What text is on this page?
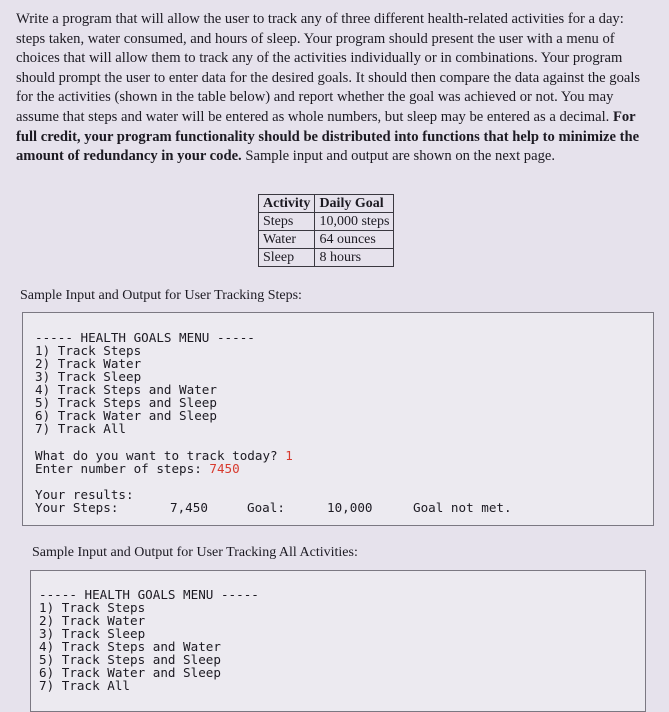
Write a program that will allow the user to track any of three different health-related activities for a day: steps taken, water consumed, and hours of sleep. Your program should present the user with a menu of choices that will allow them to track any of the activities individually or in combinations. Your program should prompt the user to enter data for the desired goals. It should then compare the data against the goals for the activities (shown in the table below) and report whether the goal was achieved or not. You may assume that steps and water will be entered as whole numbers, but sleep may be entered as a decimal. For full credit, your program functionality should be distributed into functions that help to minimize the amount of redundancy in your code. Sample input and output are shown on the next page.

Activity	Daily Goal
Steps	10,000 steps
Water	64 ounces
Sleep	8 hours

Sample Input and Output for User Tracking Steps:

----- HEALTH GOALS MENU -----
1) Track Steps
2) Track Water
3) Track Sleep
4) Track Steps and Water
5) Track Steps and Sleep
6) Track Water and Sleep
7) Track All
What do you want to track today? 1
Enter number of steps: 7450
Your results:
Your Steps:	7,450	Goal:	10,000	Goal not met.

Sample Input and Output for User Tracking All Activities:

----- HEALTH GOALS MENU -----
1) Track Steps
2) Track Water
3) Track Sleep
4) Track Steps and Water
5) Track Steps and Sleep
6) Track Water and Sleep
7) Track All
